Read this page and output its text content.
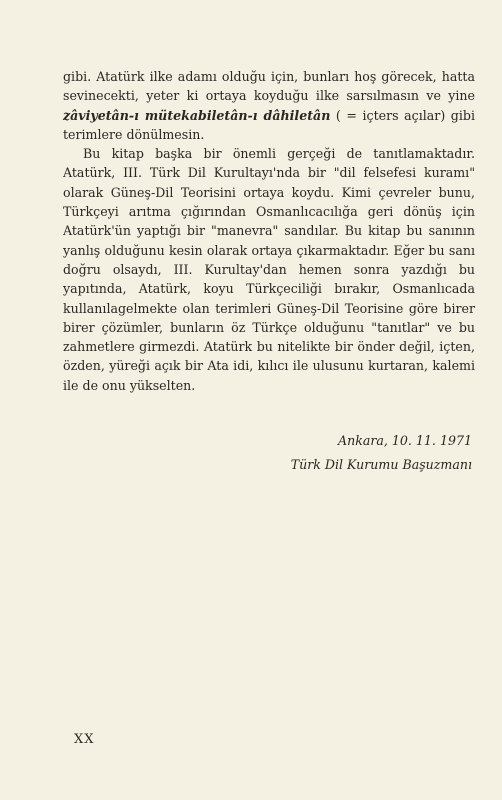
gibi. Atatürk ilke adamı olduğu için, bunları hoş görecek, hatta sevinecekti, yeter ki ortaya koyduğu ilke sarsılmasın ve yine zâviyetân-ı mütekabiletân-ı dâhiletân ( = içters açılar) gibi terimlere dönülmesin.

Bu kitap başka bir önemli gerçeği de tanıtlamaktadır. Atatürk, III. Türk Dil Kurultayı'nda bir "dil felsefesi kuramı" olarak Güneş-Dil Teorisini ortaya koydu. Kimi çevreler bunu, Türkçeyi arıtma çığırından Osmanlıcacılığa geri dönüş için Atatürk'ün yaptığı bir "manevra" sandılar. Bu kitap bu sanının yanlış olduğunu kesin olarak ortaya çıkarmaktadır. Eğer bu sanı doğru olsaydı, III. Kurultay'dan hemen sonra yazdığı bu yapıtında, Atatürk, koyu Türkçeciliği bırakır, Osmanlıcada kullanılagelmekte olan terimleri Güneş-Dil Teorisine göre birer birer çözümler, bunların öz Türkçe olduğunu "tanıtlar" ve bu zahmetlere girmezdi. Atatürk bu nitelikte bir önder değil, içten, özden, yüreği açık bir Ata idi, kılıcı ile ulusunu kurtaran, kalemi ile de onu yükselten.

Ankara, 10. 11. 1971
Türk Dil Kurumu Başuzmanı
XX
